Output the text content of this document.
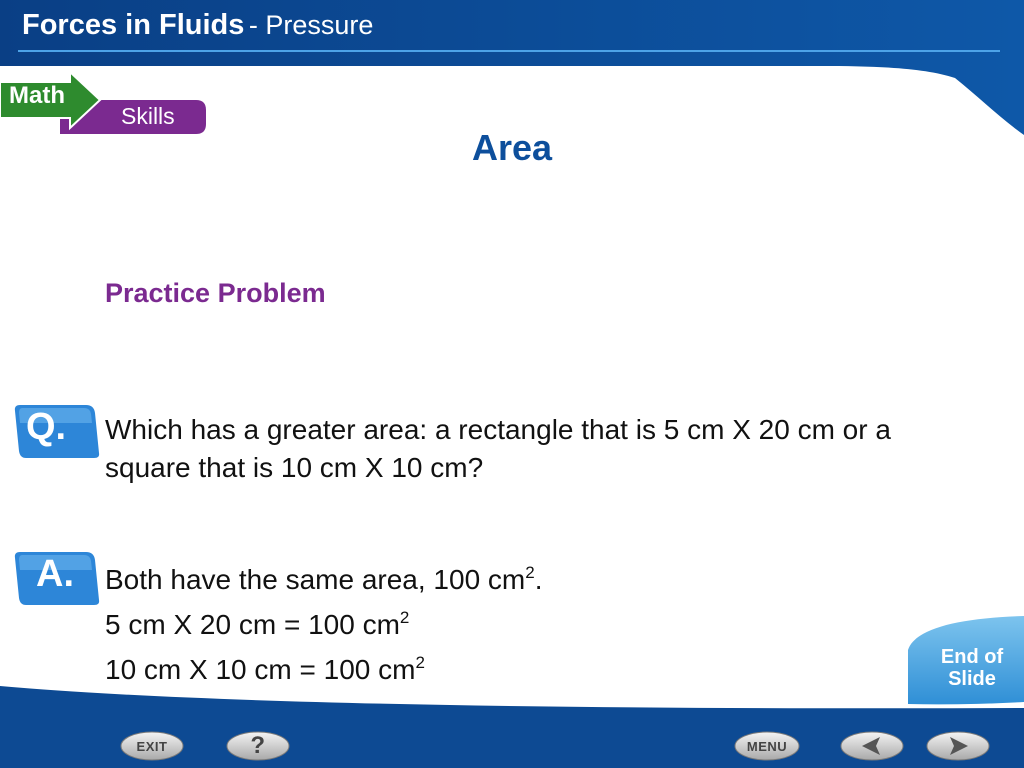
Forces in Fluids - Pressure
Math
Skills
Area
Practice Problem
Q. Which has a greater area: a rectangle that is 5 cm X 20 cm or a square that is 10 cm X 10 cm?
A. Both have the same area, 100 $cm^2$.
5 cm X 20 cm = 100 $cm^2$
10 cm X 10 cm = 100 $cm^2$	End of
Slide
EXIT	?	MENU
